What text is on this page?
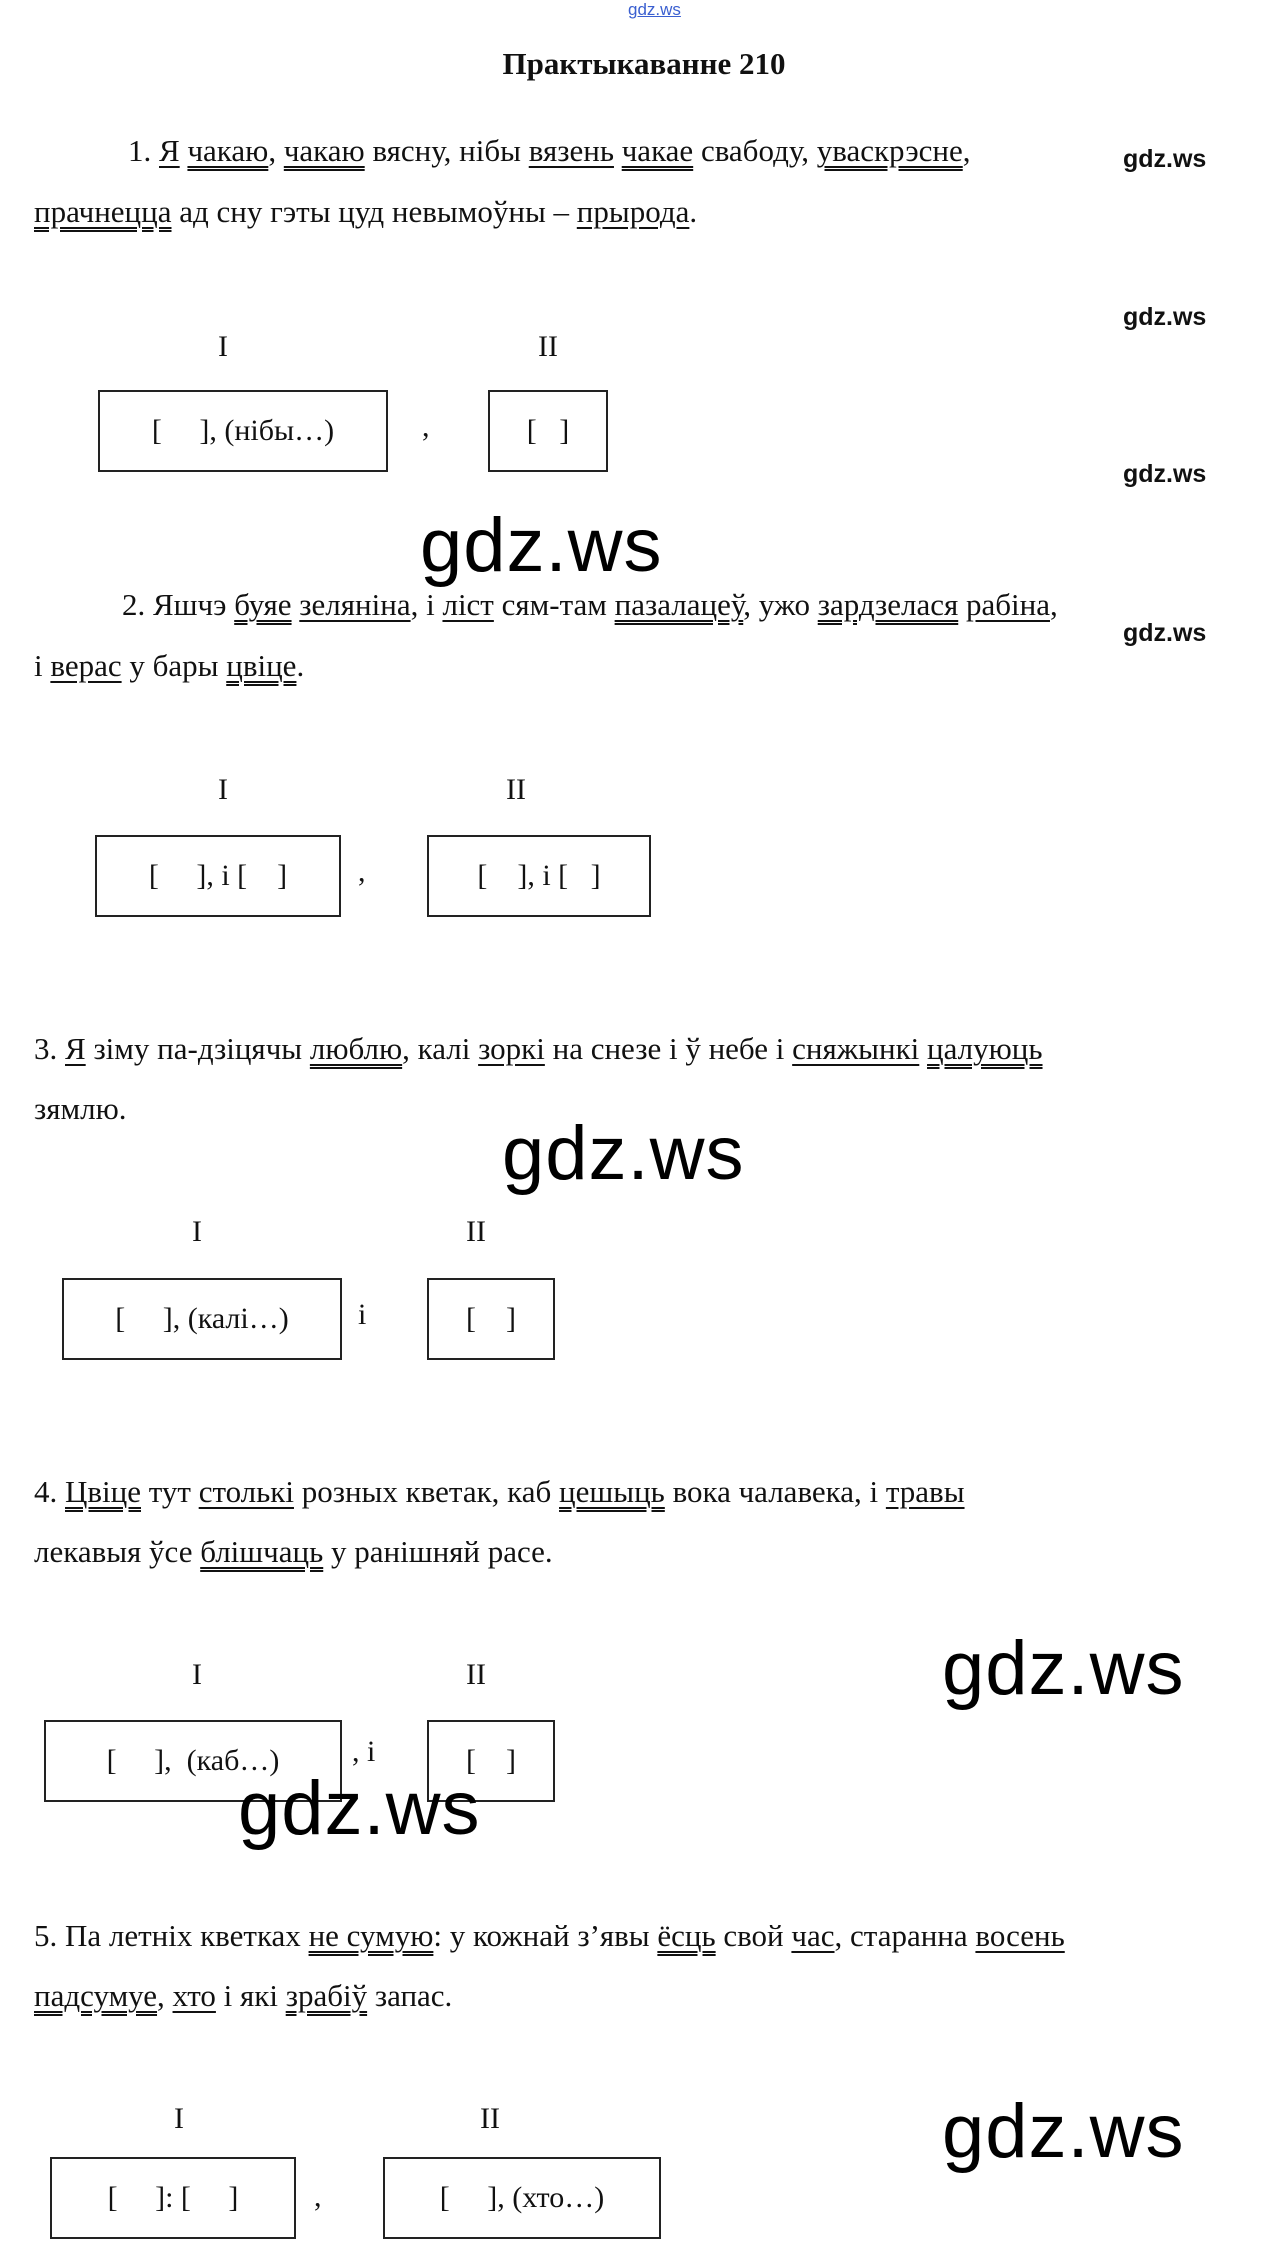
gdz.ws
Практыкаванне 210
1. Я чакаю, чакаю вясну, нібы вязень чакае свабоду, уваскрэсне,	gdz.ws
прачнецца ад сну гэты цуд невымоўны – прырода.
gdz.ws
I	II
[     ], (нібы…)	,	[   ]
gdz.ws
gdz.ws
2. Яшчэ буяе зеляніна, і ліст сям-там пазалацеў, ужо зардзелася рабіна,
gdz.ws
і верас у бары цвіце.
I	II
[     ], і [    ]	,	[    ], і [   ]
3. Я зіму па-дзіцячы люблю, калі зоркі на снезе і ў небе і сняжынкі цалуюць
зямлю.
gdz.ws
I	II
[     ], (калі…)	і	[    ]
4. Цвіце тут столькі розных кветак, каб цешыць вока чалавека, і травы
лекавыя ўсе блішчаць у ранішняй расе.
gdz.ws
I	II
[     ],  (каб…)	, і	[    ]
gdz.ws
5. Па летніх кветках не сумую: у кожнай з’явы ёсць свой час, старанна восень
падсумуе, хто і які зрабіў запас.
I	II
[     ]: [     ]	,	[     ], (хто…)
gdz.ws
